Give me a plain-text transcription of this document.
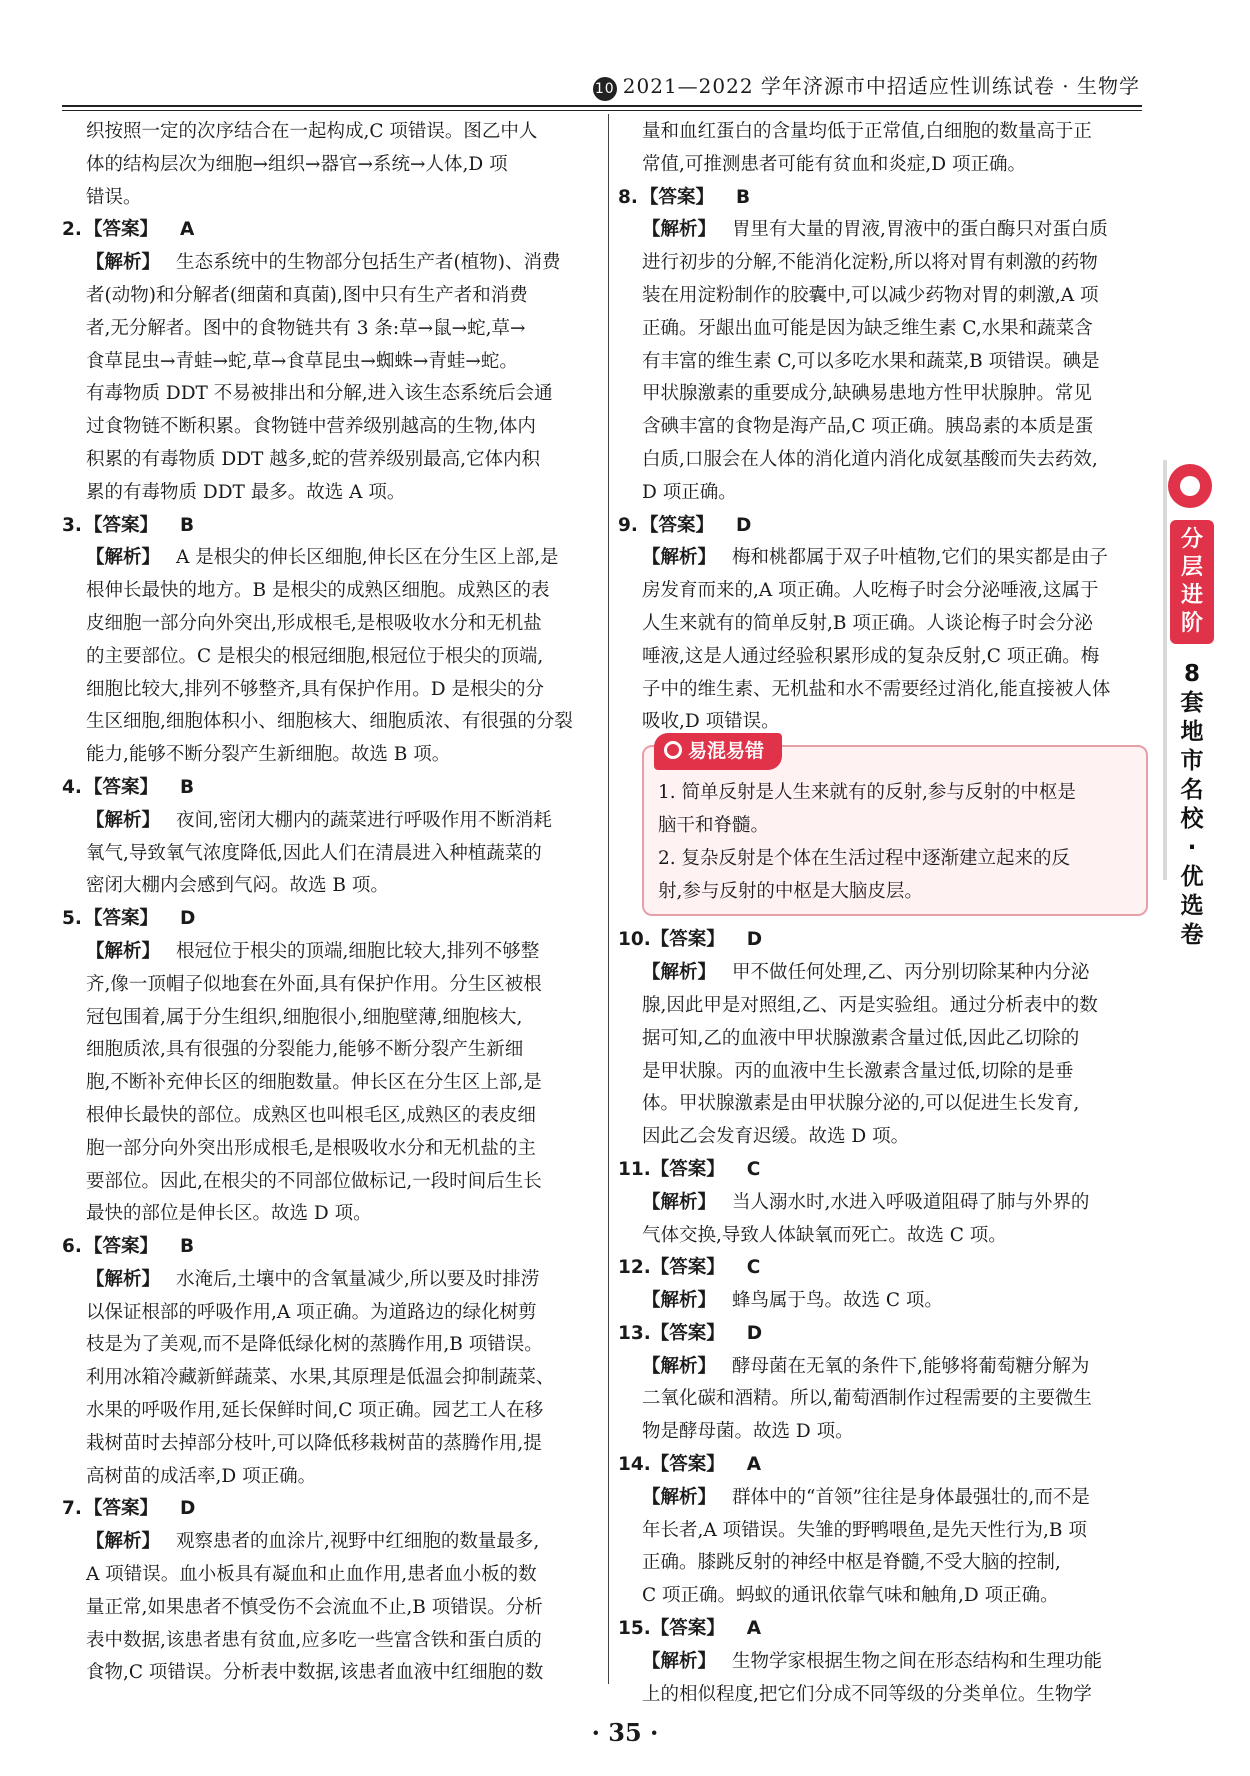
10 2021—2022 学年济源市中招适应性训练试卷 · 生物学

织按照一定的次序结合在一起构成,C 项错误。图乙中人

体的结构层次为细胞→组织→器官→系统→人体,D 项

错误。

2. 【答案】 A

【解析】 生态系统中的生物部分包括生产者(植物)、消费

者(动物)和分解者(细菌和真菌),图中只有生产者和消费

者,无分解者。图中的食物链共有 3 条:草→鼠→蛇,草→

食草昆虫→青蛙→蛇,草→食草昆虫→蜘蛛→青蛙→蛇。

有毒物质 DDT 不易被排出和分解,进入该生态系统后会通

过食物链不断积累。食物链中营养级别越高的生物,体内

积累的有毒物质 DDT 越多,蛇的营养级别最高,它体内积

累的有毒物质 DDT 最多。故选 A 项。

3. 【答案】 B

【解析】 A 是根尖的伸长区细胞,伸长区在分生区上部,是

根伸长最快的地方。B 是根尖的成熟区细胞。成熟区的表

皮细胞一部分向外突出,形成根毛,是根吸收水分和无机盐

的主要部位。C 是根尖的根冠细胞,根冠位于根尖的顶端,

细胞比较大,排列不够整齐,具有保护作用。D 是根尖的分

生区细胞,细胞体积小、细胞核大、细胞质浓、有很强的分裂

能力,能够不断分裂产生新细胞。故选 B 项。

4. 【答案】 B

【解析】 夜间,密闭大棚内的蔬菜进行呼吸作用不断消耗

氧气,导致氧气浓度降低,因此人们在清晨进入种植蔬菜的

密闭大棚内会感到气闷。故选 B 项。

5. 【答案】 D

【解析】 根冠位于根尖的顶端,细胞比较大,排列不够整

齐,像一顶帽子似地套在外面,具有保护作用。分生区被根

冠包围着,属于分生组织,细胞很小,细胞壁薄,细胞核大,

细胞质浓,具有很强的分裂能力,能够不断分裂产生新细

胞,不断补充伸长区的细胞数量。伸长区在分生区上部,是

根伸长最快的部位。成熟区也叫根毛区,成熟区的表皮细

胞一部分向外突出形成根毛,是根吸收水分和无机盐的主

要部位。因此,在根尖的不同部位做标记,一段时间后生长

最快的部位是伸长区。故选 D 项。

6. 【答案】 B

【解析】 水淹后,土壤中的含氧量减少,所以要及时排涝

以保证根部的呼吸作用,A 项正确。为道路边的绿化树剪

枝是为了美观,而不是降低绿化树的蒸腾作用,B 项错误。

利用冰箱冷藏新鲜蔬菜、水果,其原理是低温会抑制蔬菜、

水果的呼吸作用,延长保鲜时间,C 项正确。园艺工人在移

栽树苗时去掉部分枝叶,可以降低移栽树苗的蒸腾作用,提

高树苗的成活率,D 项正确。

7. 【答案】 D

【解析】 观察患者的血涂片,视野中红细胞的数量最多,

A 项错误。血小板具有凝血和止血作用,患者血小板的数

量正常,如果患者不慎受伤不会流血不止,B 项错误。分析

表中数据,该患者患有贫血,应多吃一些富含铁和蛋白质的

食物,C 项错误。分析表中数据,该患者血液中红细胞的数

量和血红蛋白的含量均低于正常值,白细胞的数量高于正

常值,可推测患者可能有贫血和炎症,D 项正确。

8. 【答案】 B

【解析】 胃里有大量的胃液,胃液中的蛋白酶只对蛋白质

进行初步的分解,不能消化淀粉,所以将对胃有刺激的药物

装在用淀粉制作的胶囊中,可以减少药物对胃的刺激,A 项

正确。牙龈出血可能是因为缺乏维生素 C,水果和蔬菜含

有丰富的维生素 C,可以多吃水果和蔬菜,B 项错误。碘是

甲状腺激素的重要成分,缺碘易患地方性甲状腺肿。常见

含碘丰富的食物是海产品,C 项正确。胰岛素的本质是蛋

白质,口服会在人体的消化道内消化成氨基酸而失去药效,

D 项正确。

9. 【答案】 D

【解析】 梅和桃都属于双子叶植物,它们的果实都是由子

房发育而来的,A 项正确。人吃梅子时会分泌唾液,这属于

人生来就有的简单反射,B 项正确。人谈论梅子时会分泌

唾液,这是人通过经验积累形成的复杂反射,C 项正确。梅

子中的维生素、无机盐和水不需要经过消化,能直接被人体

吸收,D 项错误。

易混易错

1. 简单反射是人生来就有的反射,参与反射的中枢是

脑干和脊髓。

2. 复杂反射是个体在生活过程中逐渐建立起来的反

射,参与反射的中枢是大脑皮层。

10.【答案】 D

【解析】 甲不做任何处理,乙、丙分别切除某种内分泌

腺,因此甲是对照组,乙、丙是实验组。通过分析表中的数

据可知,乙的血液中甲状腺激素含量过低,因此乙切除的

是甲状腺。丙的血液中生长激素含量过低,切除的是垂

体。甲状腺激素是由甲状腺分泌的,可以促进生长发育,

因此乙会发育迟缓。故选 D 项。

11.【答案】 C

【解析】 当人溺水时,水进入呼吸道阻碍了肺与外界的

气体交换,导致人体缺氧而死亡。故选 C 项。

12.【答案】 C

【解析】 蜂鸟属于鸟。故选 C 项。

13.【答案】 D

【解析】 酵母菌在无氧的条件下,能够将葡萄糖分解为

二氧化碳和酒精。所以,葡萄酒制作过程需要的主要微生

物是酵母菌。故选 D 项。

14.【答案】 A

【解析】 群体中的“首领”往往是身体最强壮的,而不是

年长者,A 项错误。失雏的野鸭喂鱼,是先天性行为,B 项

正确。膝跳反射的神经中枢是脊髓,不受大脑的控制,

C 项正确。蚂蚁的通讯依靠气味和触角,D 项正确。

15.【答案】 A

【解析】 生物学家根据生物之间在形态结构和生理功能

上的相似程度,把它们分成不同等级的分类单位。生物学

分
层
进
阶
8
套
地
市
名
校
·
优
选
卷
· 35 ·
